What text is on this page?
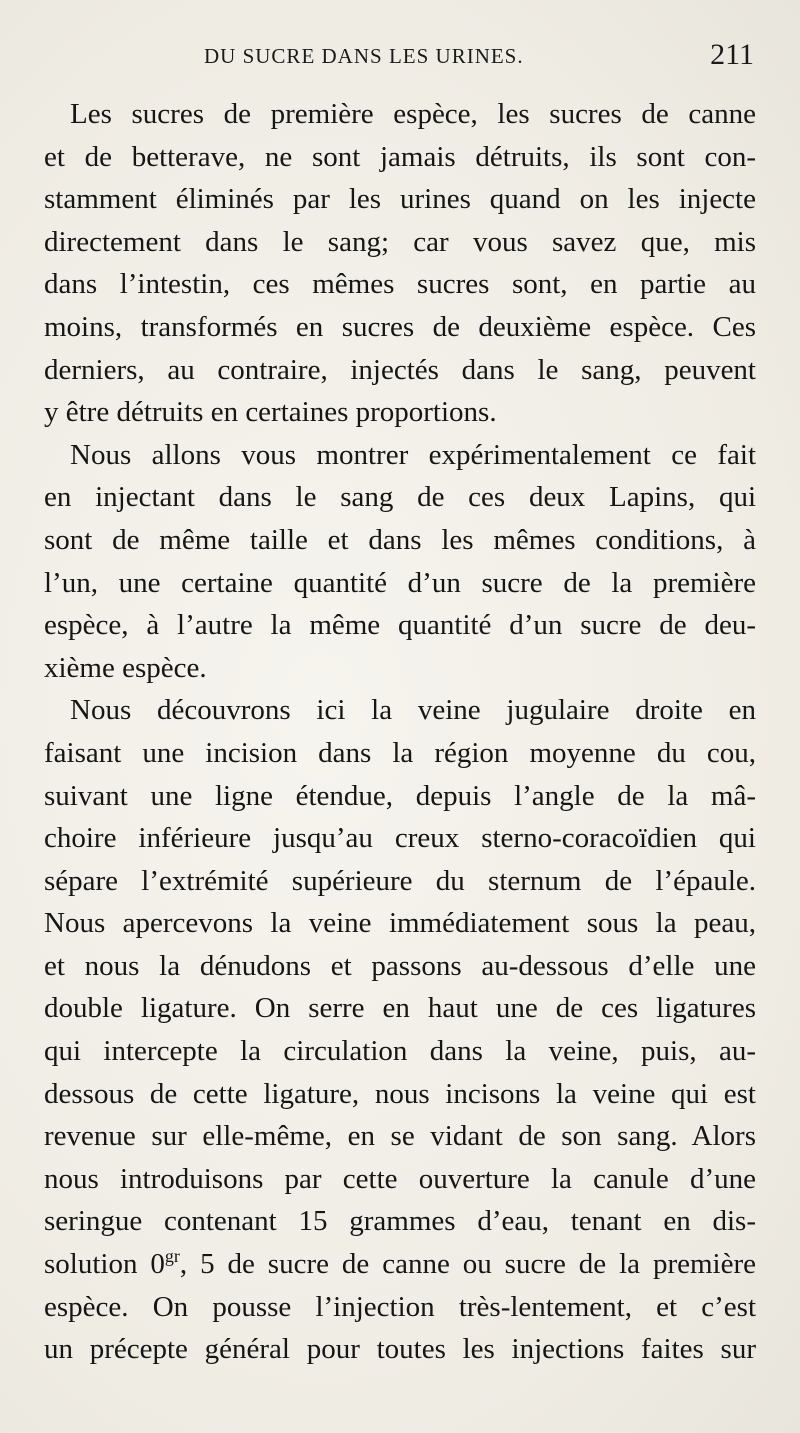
DU SUCRE DANS LES URINES.	211
Les sucres de première espèce, les sucres de canne
et de betterave, ne sont jamais détruits, ils sont con-
stamment éliminés par les urines quand on les injecte
directement dans le sang; car vous savez que, mis
dans l’intestin, ces mêmes sucres sont, en partie au
moins, transformés en sucres de deuxième espèce. Ces
derniers, au contraire, injectés dans le sang, peuvent
y être détruits en certaines proportions.
Nous allons vous montrer expérimentalement ce fait
en injectant dans le sang de ces deux Lapins, qui
sont de même taille et dans les mêmes conditions, à
l’un, une certaine quantité d’un sucre de la première
espèce, à l’autre la même quantité d’un sucre de deu-
xième espèce.
Nous découvrons ici la veine jugulaire droite en
faisant une incision dans la région moyenne du cou,
suivant une ligne étendue, depuis l’angle de la mâ-
choire inférieure jusqu’au creux sterno-coracoïdien qui
sépare l’extrémité supérieure du sternum de l’épaule.
Nous apercevons la veine immédiatement sous la peau,
et nous la dénudons et passons au-dessous d’elle une
double ligature. On serre en haut une de ces ligatures
qui intercepte la circulation dans la veine, puis, au-
dessous de cette ligature, nous incisons la veine qui est
revenue sur elle-même, en se vidant de son sang. Alors
nous introduisons par cette ouverture la canule d’une
seringue contenant 15 grammes d’eau, tenant en dis-
solution $0^{gr}$, 5 de sucre de canne ou sucre de la première
espèce. On pousse l’injection très-lentement, et c’est
un précepte général pour toutes les injections faites sur
